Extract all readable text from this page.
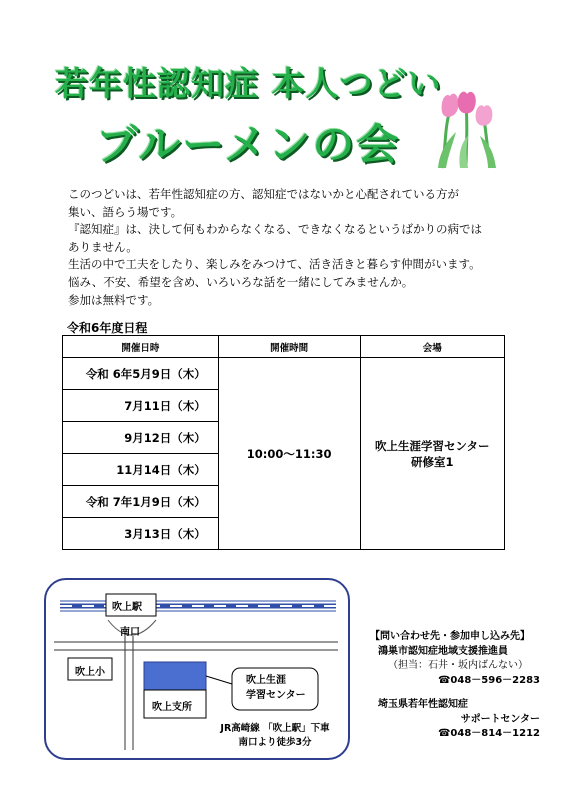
若年性認知症 本人つどい
ブルーメンの会

このつどいは、若年性認知症の方、認知症ではないかと心配されている方が

集い、語らう場です。

『認知症』は、決して何もわからなくなる、できなくなるというばかりの病では

ありません。

生活の中で工夫をしたり、楽しみをみつけて、活き活きと暮らす仲間がいます。

悩み、不安、希望を含め、いろいろな話を一緒にしてみませんか。

参加は無料です。

令和6年度日程
開催日時	開催時間	会場
令和 6年5月9日（木）	10:00～11:30	吹上生涯学習センター
研修室1

7月11日（木）		
9月12日（木）		
11月14日（木）		
令和 7年1月9日（木）		
3月13日（木）		
吹上駅
南口
吹上小
吹上支所
吹上生涯
学習センター
JR高崎線 「吹上駅」下車
南口より徒歩3分
【問い合わせ先・参加申し込み先】
鴻巣市認知症地域支援推進員
（担当：石井・坂内ばんない）
☎048－596－2283
埼玉県若年性認知症
サポートセンター
☎048－814－1212
